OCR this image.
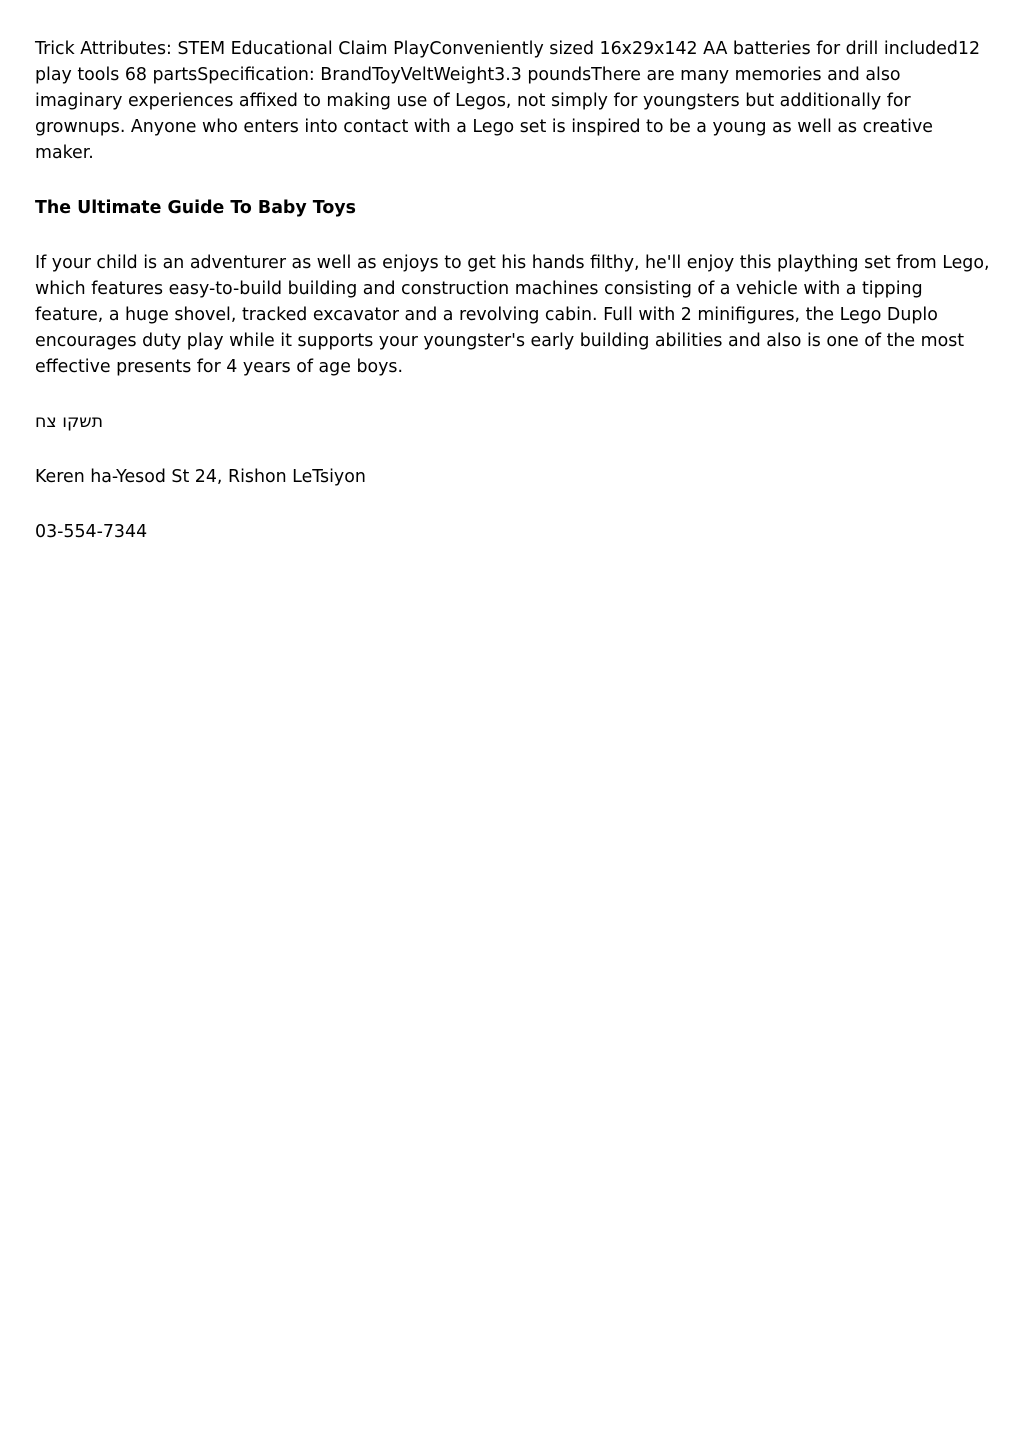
Trick Attributes: STEM Educational Claim PlayConveniently sized 16x29x142 AA batteries for drill included12 play tools 68 partsSpecification: BrandToyVeltWeight3.3 poundsThere are many memories and also imaginary experiences affixed to making use of Legos, not simply for youngsters but additionally for grownups. Anyone who enters into contact with a Lego set is inspired to be a young as well as creative maker.

The Ultimate Guide To Baby Toys

If your child is an adventurer as well as enjoys to get his hands filthy, he'll enjoy this plaything set from Lego, which features easy-to-build building and construction machines consisting of a vehicle with a tipping feature, a huge shovel, tracked excavator and a revolving cabin. Full with 2 minifigures, the Lego Duplo encourages duty play while it supports your youngster's early building abilities and also is one of the most effective presents for 4 years of age boys.

תשקו צח

Keren ha-Yesod St 24, Rishon LeTsiyon

03-554-7344
